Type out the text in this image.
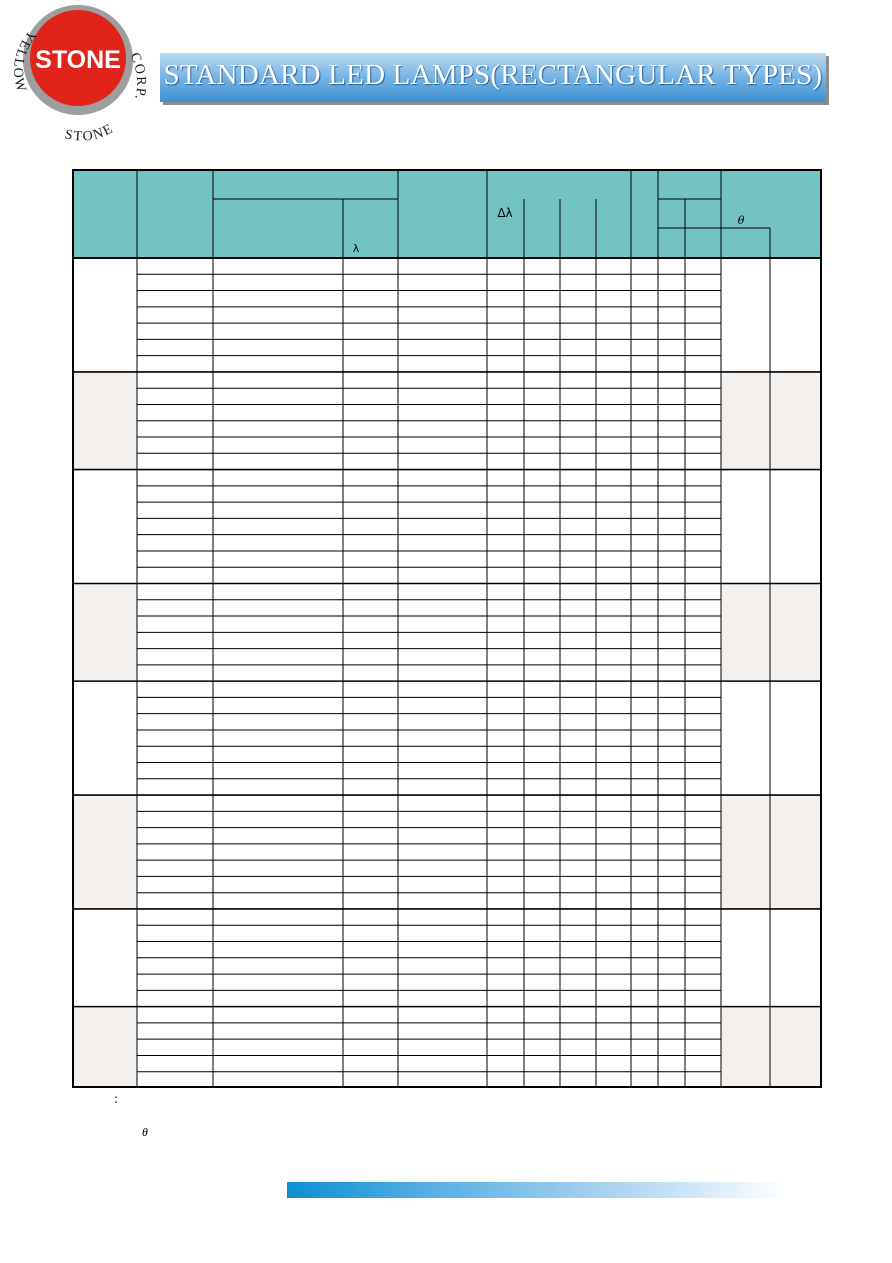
STONE
YELLOW
STONE
CORP.
STANDARD LED LAMPS(RECTANGULAR TYPES)
Δλ
λ
θ
:
θ
